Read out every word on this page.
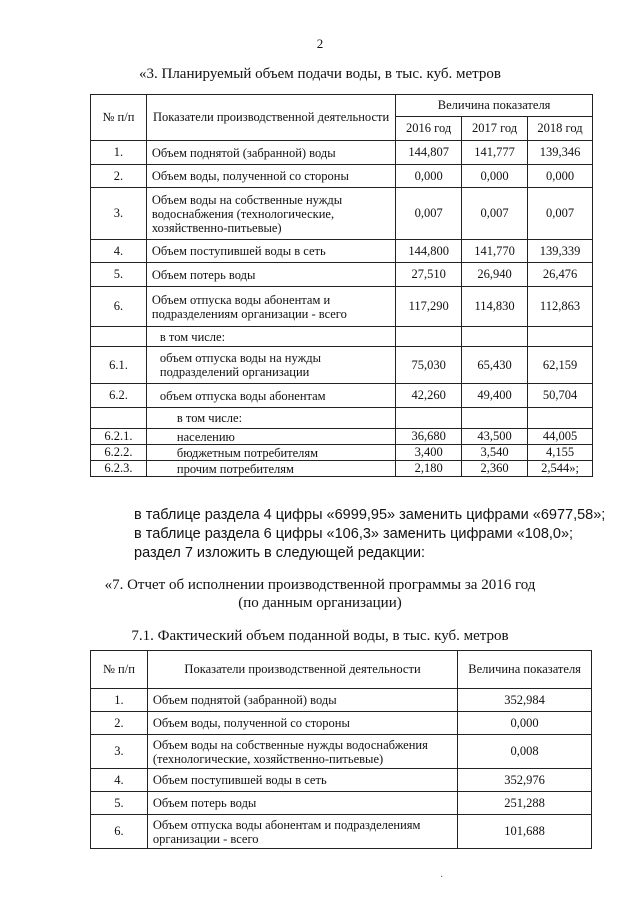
2
«3. Планируемый объем подачи воды, в тыс. куб. метров
№ п/п	Показатели производственной деятельности	Величина показателя		
		2016 год	2017 год	2018 год
1.	Объем поднятой (забранной) воды	144,807	141,777	139,346
2.	Объем воды, полученной со стороны	0,000	0,000	0,000
3.	Объем воды на собственные нужды водоснабжения (технологические, хозяйственно-питьевые)	0,007	0,007	0,007
4.	Объем поступившей воды в сеть	144,800	141,770	139,339
5.	Объем потерь воды	27,510	26,940	26,476
6.	Объем отпуска воды абонентам и подразделениям организации - всего	117,290	114,830	112,863
	в том числе:			
6.1.	объем отпуска воды на нужды подразделений организации	75,030	65,430	62,159
6.2.	объем отпуска воды абонентам	42,260	49,400	50,704
	в том числе:			
6.2.1.	населению	36,680	43,500	44,005
6.2.2.	бюджетным потребителям	3,400	3,540	4,155
6.2.3.	прочим потребителям	2,180	2,360	2,544»;
в таблице раздела 4 цифры «6999,95» заменить цифрами «6977,58»;
в таблице раздела 6 цифры «106,3» заменить цифрами «108,0»;
раздел 7 изложить в следующей редакции:
«7. Отчет об исполнении производственной программы за 2016 год
(по данным организации)
7.1. Фактический объем поданной воды, в тыс. куб. метров
№ п/п	Показатели производственной деятельности	Величина показателя
1.	Объем поднятой (забранной) воды	352,984
2.	Объем воды, полученной со стороны	0,000
3.	Объем воды на собственные нужды водоснабжения (технологические, хозяйственно-питьевые)	0,008
4.	Объем поступившей воды в сеть	352,976
5.	Объем потерь воды	251,288
6.	Объем отпуска воды абонентам и подразделениям организации - всего	101,688
·
